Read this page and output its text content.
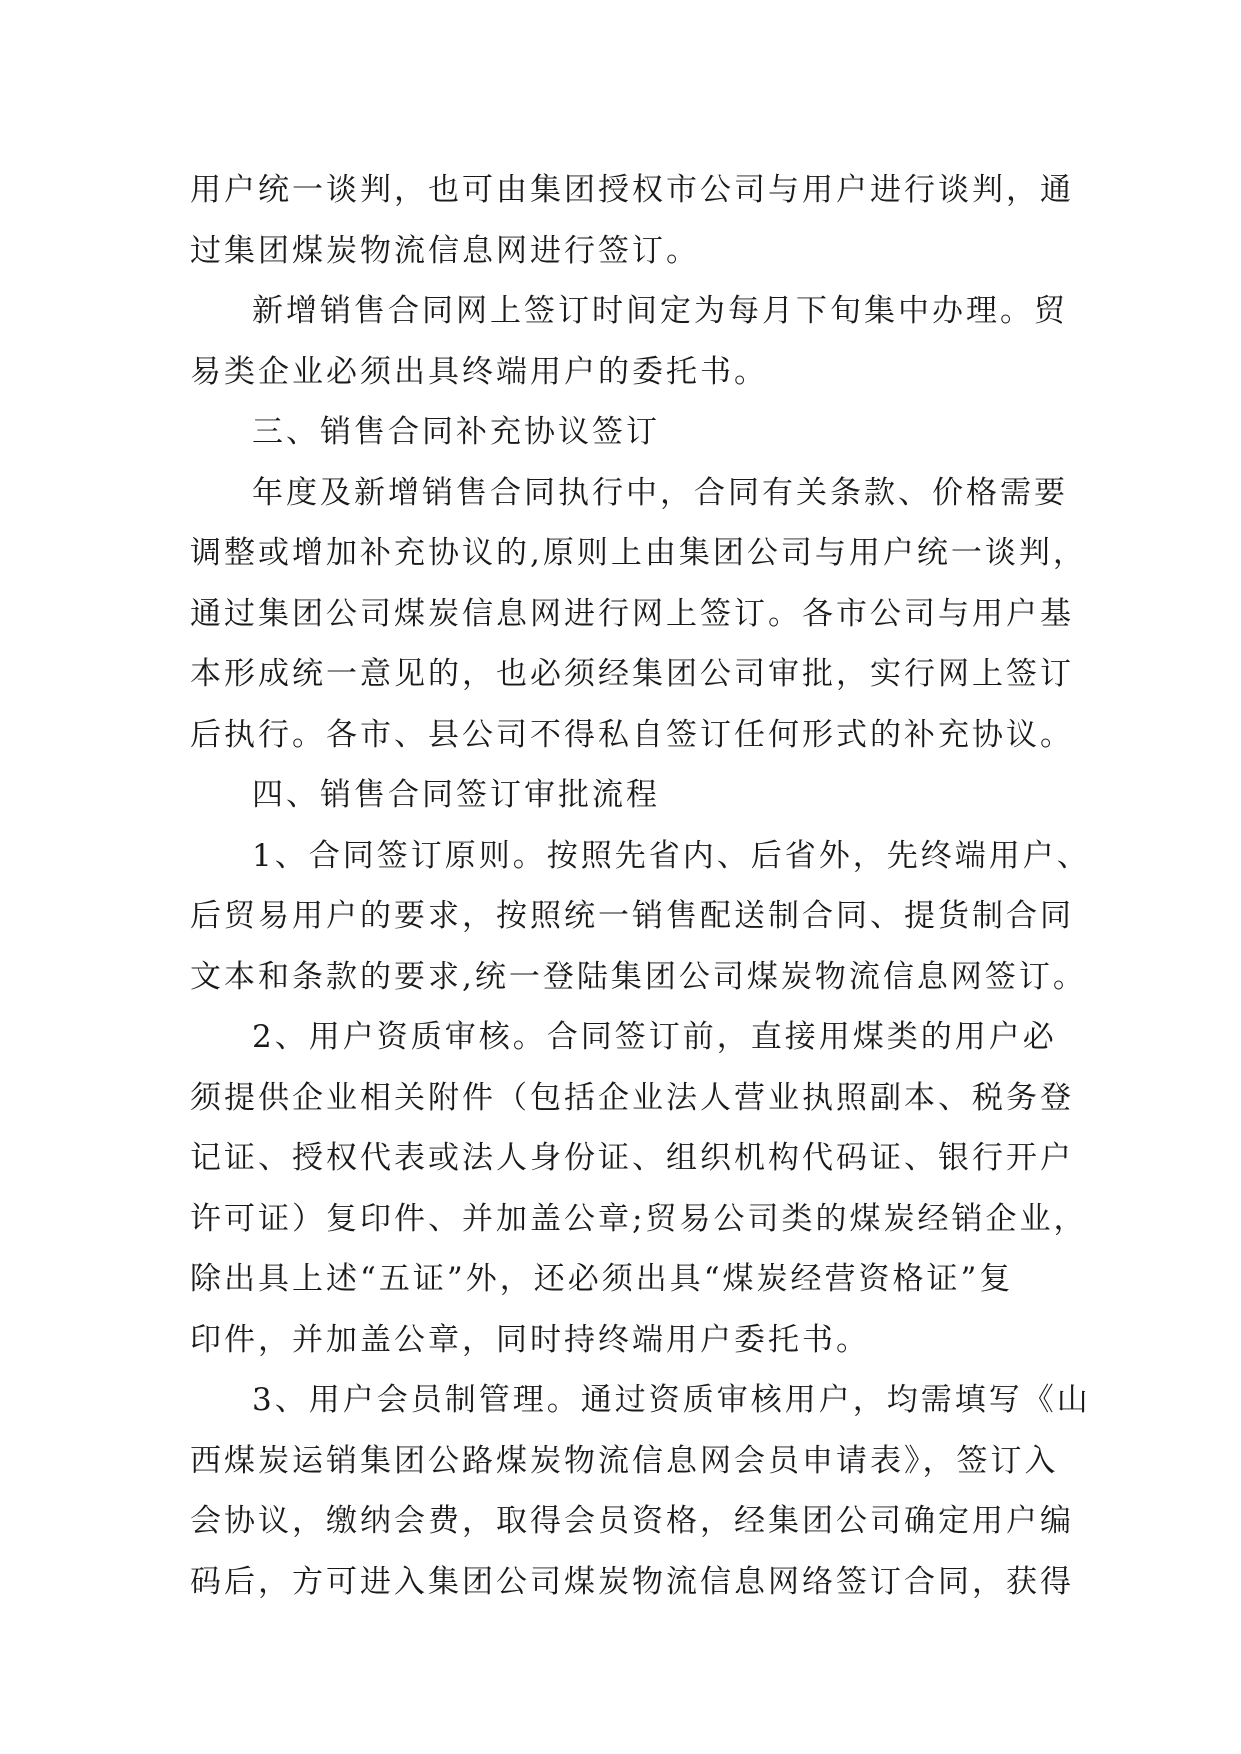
用户统一谈判，也可由集团授权市公司与用户进行谈判，通
过集团煤炭物流信息网进行签订。
新增销售合同网上签订时间定为每月下旬集中办理。贸
易类企业必须出具终端用户的委托书。
三、销售合同补充协议签订
年度及新增销售合同执行中，合同有关条款、价格需要
调整或增加补充协议的,原则上由集团公司与用户统一谈判，
通过集团公司煤炭信息网进行网上签订。各市公司与用户基
本形成统一意见的，也必须经集团公司审批，实行网上签订
后执行。各市、县公司不得私自签订任何形式的补充协议。
四、销售合同签订审批流程
1、合同签订原则。按照先省内、后省外，先终端用户、
后贸易用户的要求，按照统一销售配送制合同、提货制合同
文本和条款的要求,统一登陆集团公司煤炭物流信息网签订。
2、用户资质审核。合同签订前，直接用煤类的用户必
须提供企业相关附件（包括企业法人营业执照副本、税务登
记证、授权代表或法人身份证、组织机构代码证、银行开户
许可证）复印件、并加盖公章;贸易公司类的煤炭经销企业，
除出具上述“五证”外，还必须出具“煤炭经营资格证”复
印件，并加盖公章，同时持终端用户委托书。
3、用户会员制管理。通过资质审核用户，均需填写《山
西煤炭运销集团公路煤炭物流信息网会员申请表》，签订入
会协议，缴纳会费，取得会员资格，经集团公司确定用户编
码后，方可进入集团公司煤炭物流信息网络签订合同，获得
